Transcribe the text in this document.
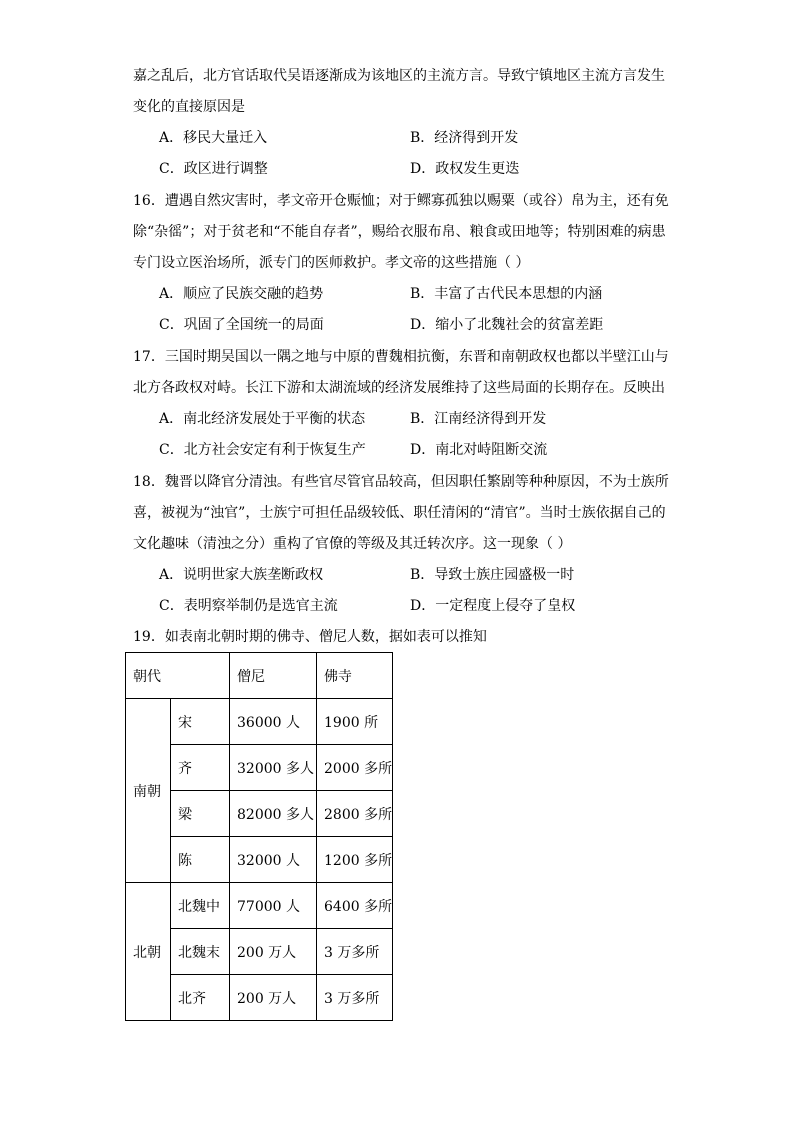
嘉之乱后，北方官话取代吴语逐渐成为该地区的主流方言。导致宁镇地区主流方言发生
变化的直接原因是
A．移民大量迁入	B．经济得到开发
C．政区进行调整	D．政权发生更迭
16．遭遇自然灾害时，孝文帝开仓赈恤；对于鳏寡孤独以赐粟（或谷）帛为主，还有免
除“杂徭”；对于贫老和“不能自存者”，赐给衣服布帛、粮食或田地等；特别困难的病患
专门设立医治场所，派专门的医师救护。孝文帝的这些措施（ ）
A．顺应了民族交融的趋势	B．丰富了古代民本思想的内涵
C．巩固了全国统一的局面	D．缩小了北魏社会的贫富差距
17．三国时期吴国以一隅之地与中原的曹魏相抗衡，东晋和南朝政权也都以半壁江山与
北方各政权对峙。长江下游和太湖流域的经济发展维持了这些局面的长期存在。反映出
A．南北经济发展处于平衡的状态	B．江南经济得到开发
C．北方社会安定有利于恢复生产	D．南北对峙阻断交流
18．魏晋以降官分清浊。有些官尽管官品较高，但因职任繁剧等种种原因，不为士族所
喜，被视为“浊官”，士族宁可担任品级较低、职任清闲的“清官”。当时士族依据自己的
文化趣味（清浊之分）重构了官僚的等级及其迁转次序。这一现象（ ）
A．说明世家大族垄断政权	B．导致士族庄园盛极一时
C．表明察举制仍是选官主流	D．一定程度上侵夺了皇权
19．如表南北朝时期的佛寺、僧尼人数，据如表可以推知
朝代		僧尼	佛寺
南朝	宋	36000 人	1900 所
	齐	32000 多人	2000 多所
	梁	82000 多人	2800 多所
	陈	32000 人	1200 多所
北朝	北魏中	77000 人	6400 多所
	北魏末	200 万人	3 万多所
	北齐	200 万人	3 万多所
